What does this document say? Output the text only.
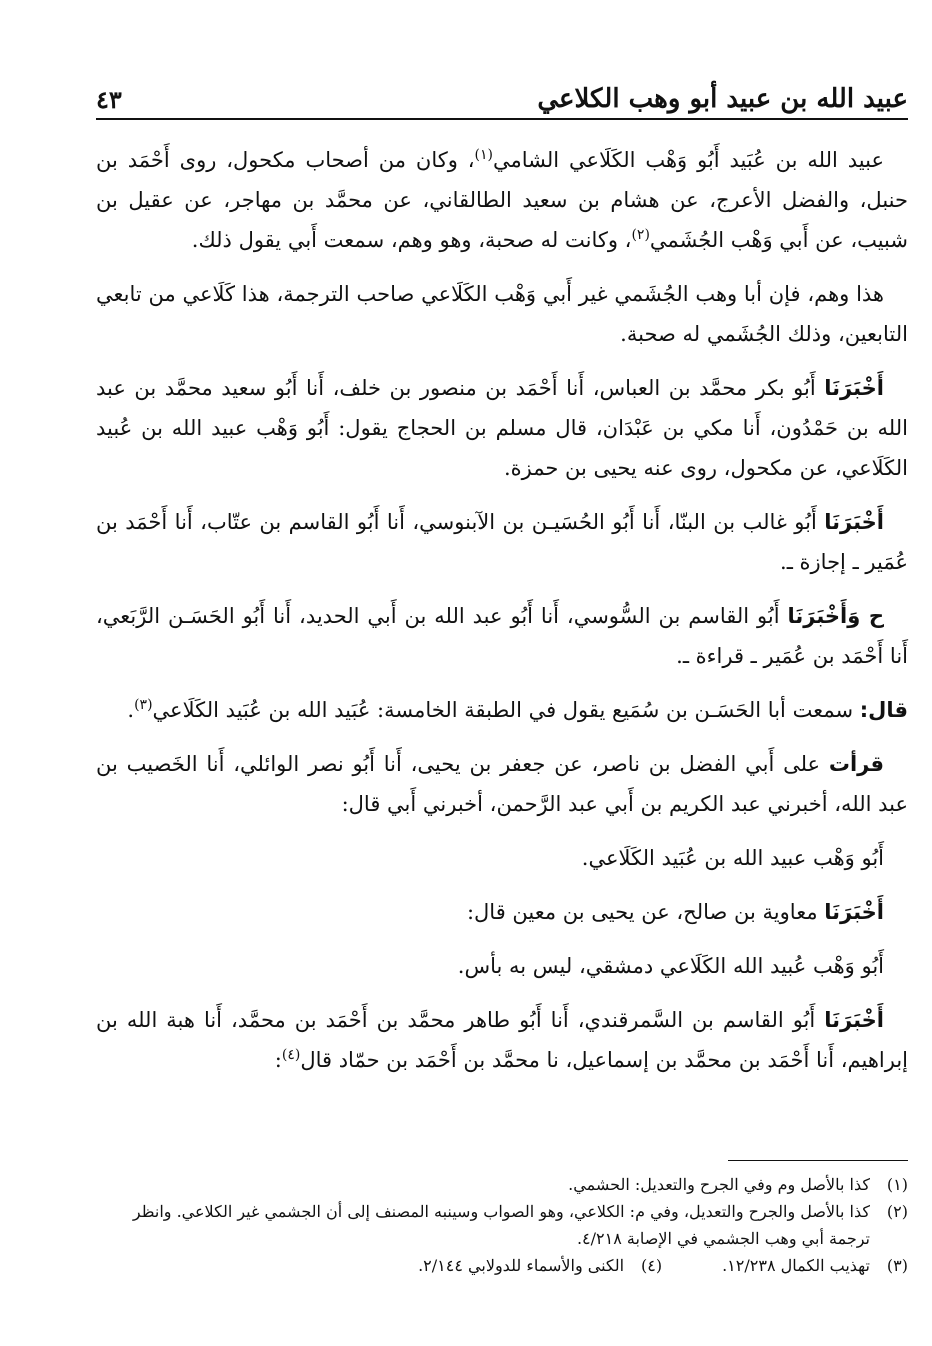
عبيد الله بن عبيد أبو وهب الكلاعي
٤٣

عبيد الله بن عُبَيد أَبُو وَهْب الكَلَاعي الشامي$^{(١)}$، وكان من أصحاب مكحول، روى أَحْمَد بن حنبل، والفضل الأعرج، عن هشام بن سعيد الطالقاني، عن محمَّد بن مهاجر، عن عقيل بن شبيب، عن أَبي وَهْب الجُشَمي$^{(٢)}$، وكانت له صحبة، وهو وهم، سمعت أَبي يقول ذلك.

هذا وهم، فإن أبا وهب الجُشَمي غير أَبي وَهْب الكَلَاعي صاحب الترجمة، هذا كَلَاعي من تابعي التابعين، وذلك الجُشَمي له صحبة.

أَخْبَرَنَا أَبُو بكر محمَّد بن العباس، أَنا أَحْمَد بن منصور بن خلف، أَنا أَبُو سعيد محمَّد بن عبد الله بن حَمْدُون، أَنا مكي بن عَبْدَان، قال مسلم بن الحجاج يقول: أَبُو وَهْب عبيد الله بن عُبيد الكَلَاعي، عن مكحول، روى عنه يحيى بن حمزة.

أَخْبَرَنَا أَبُو غالب بن البنّا، أَنا أَبُو الحُسَيـن بن الآبنوسي، أَنا أَبُو القاسم بن عتّاب، أَنا أَحْمَد بن عُمَير ـ إجازة ـ.

ح وَأَخْبَرَنَا أَبُو القاسم بن السُّوسي، أَنا أَبُو عبد الله بن أَبي الحديد، أَنا أَبُو الحَسَـن الرَّبَعي، أَنا أَحْمَد بن عُمَير ـ قراءة ـ.

قال: سمعت أبا الحَسَـن بن سُمَيع يقول في الطبقة الخامسة: عُبَيد الله بن عُبَيد الكَلَاعي$^{(٣)}$.

قرأت على أَبي الفضل بن ناصر، عن جعفر بن يحيى، أَنا أَبُو نصر الوائلي، أَنا الخَصيب بن عبد الله، أخبرني عبد الكريم بن أَبي عبد الرَّحمن، أخبرني أَبي قال:

أَبُو وَهْب عبيد الله بن عُبَيد الكَلَاعي.

أَخْبَرَنَا معاوية بن صالح، عن يحيى بن معين قال:

أَبُو وَهْب عُبيد الله الكَلَاعي دمشقي، ليس به بأس.

أَخْبَرَنَا أَبُو القاسم بن السَّمرقندي، أَنا أَبُو طاهر محمَّد بن أَحْمَد بن محمَّد، أَنا هبة الله بن إبراهيم، أَنا أَحْمَد بن محمَّد بن إسماعيل، نا محمَّد بن أَحْمَد بن حمّاد قال$^{(٤)}$:

(١)
كذا بالأصل وم وفي الجرح والتعديل: الحشمي.
(٢)
كذا بالأصل والجرح والتعديل، وفي م: الكلاعي، وهو الصواب وسينبه المصنف إلى أن الجشمي غير الكلاعي. وانظر ترجمة أبي وهب الجشمي في الإصابة ٤/٢١٨.
(٣)
تهذيب الكمال ١٢/٢٣٨.
(٤)
الكنى والأسماء للدولابي ٢/١٤٤.
